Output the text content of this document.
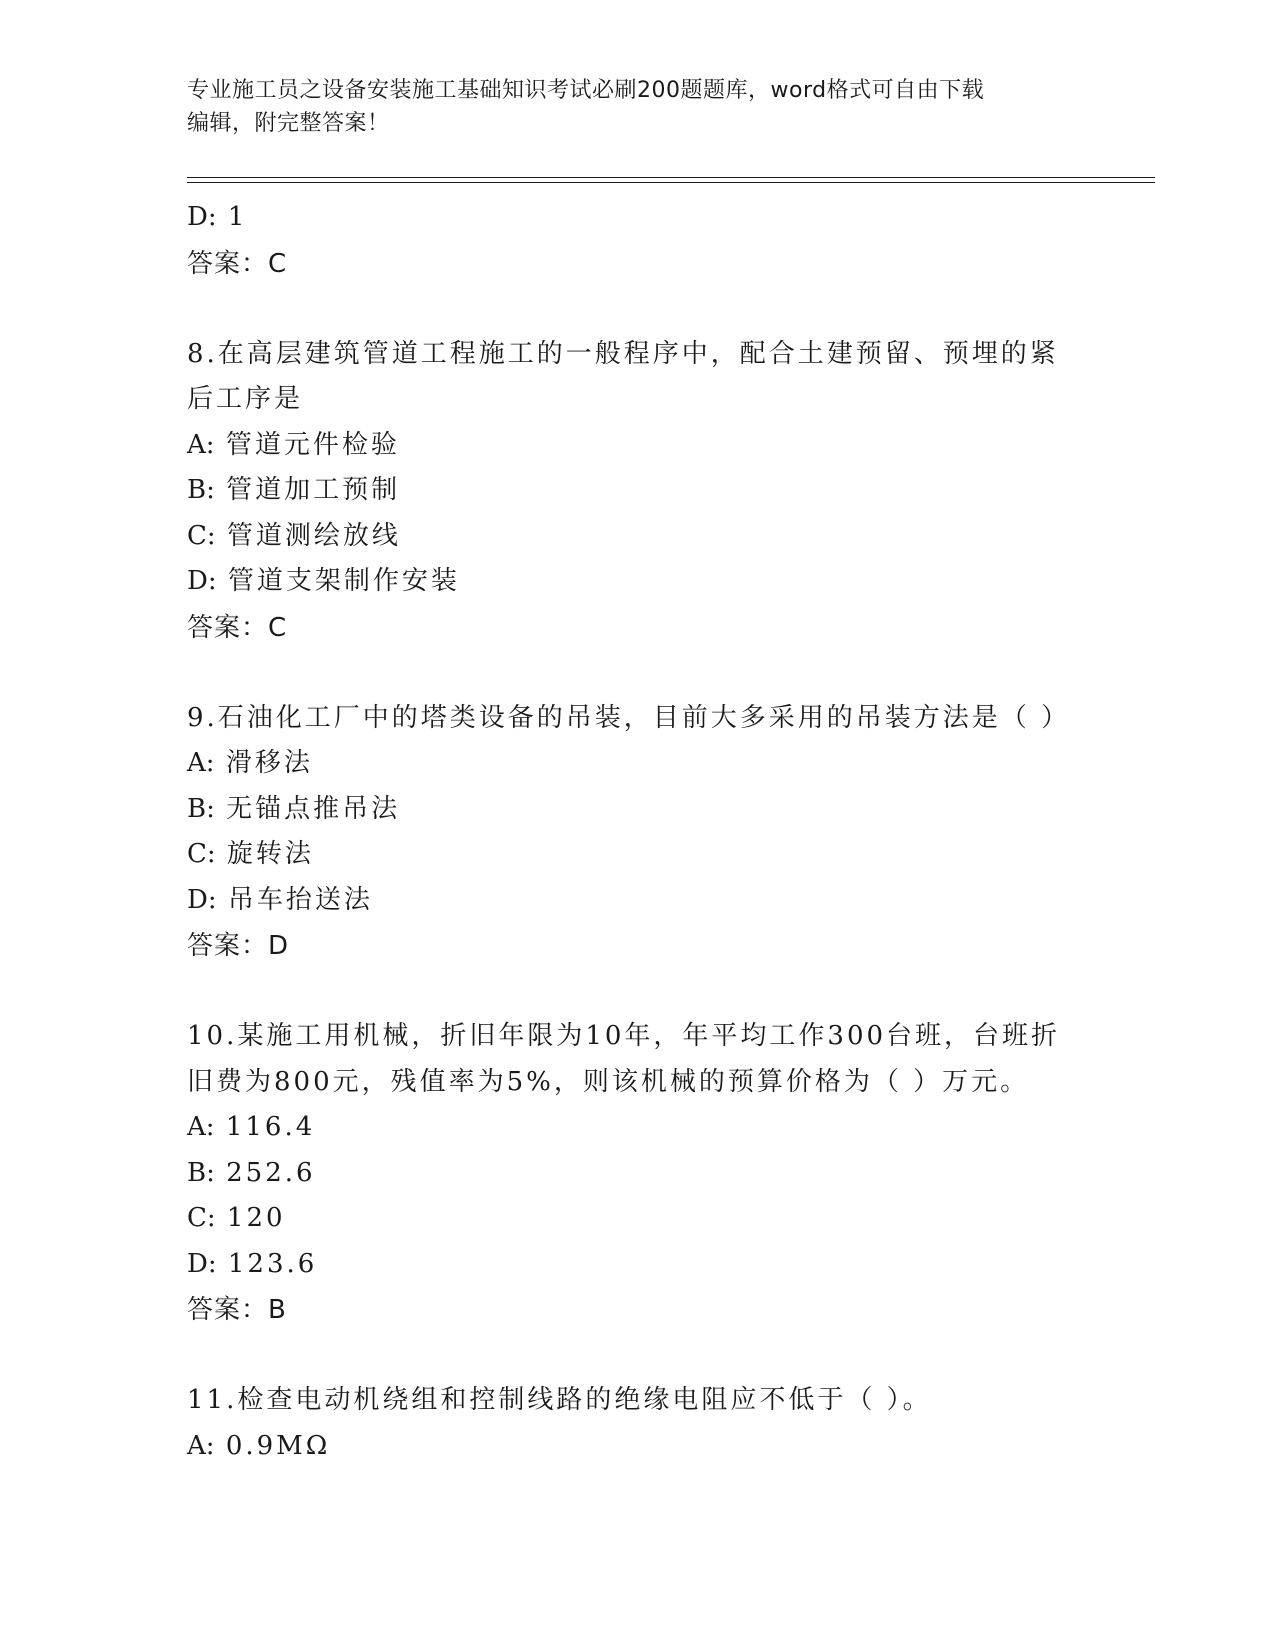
专业施工员之设备安装施工基础知识考试必刷200题题库，word格式可自由下载
编辑，附完整答案！
D: 1
答案：C
8.在高层建筑管道工程施工的一般程序中，配合土建预留、预埋的紧
后工序是
A: 管道元件检验
B: 管道加工预制
C: 管道测绘放线
D: 管道支架制作安装
答案：C
9.石油化工厂中的塔类设备的吊装，目前大多采用的吊装方法是（ ）
A: 滑移法
B: 无锚点推吊法
C: 旋转法
D: 吊车抬送法
答案：D
10.某施工用机械，折旧年限为10年，年平均工作300台班，台班折
旧费为800元，残值率为5%，则该机械的预算价格为（ ）万元。
A: 116.4
B: 252.6
C: 120
D: 123.6
答案：B
11.检查电动机绕组和控制线路的绝缘电阻应不低于（ ）。
A: 0.9MΩ
